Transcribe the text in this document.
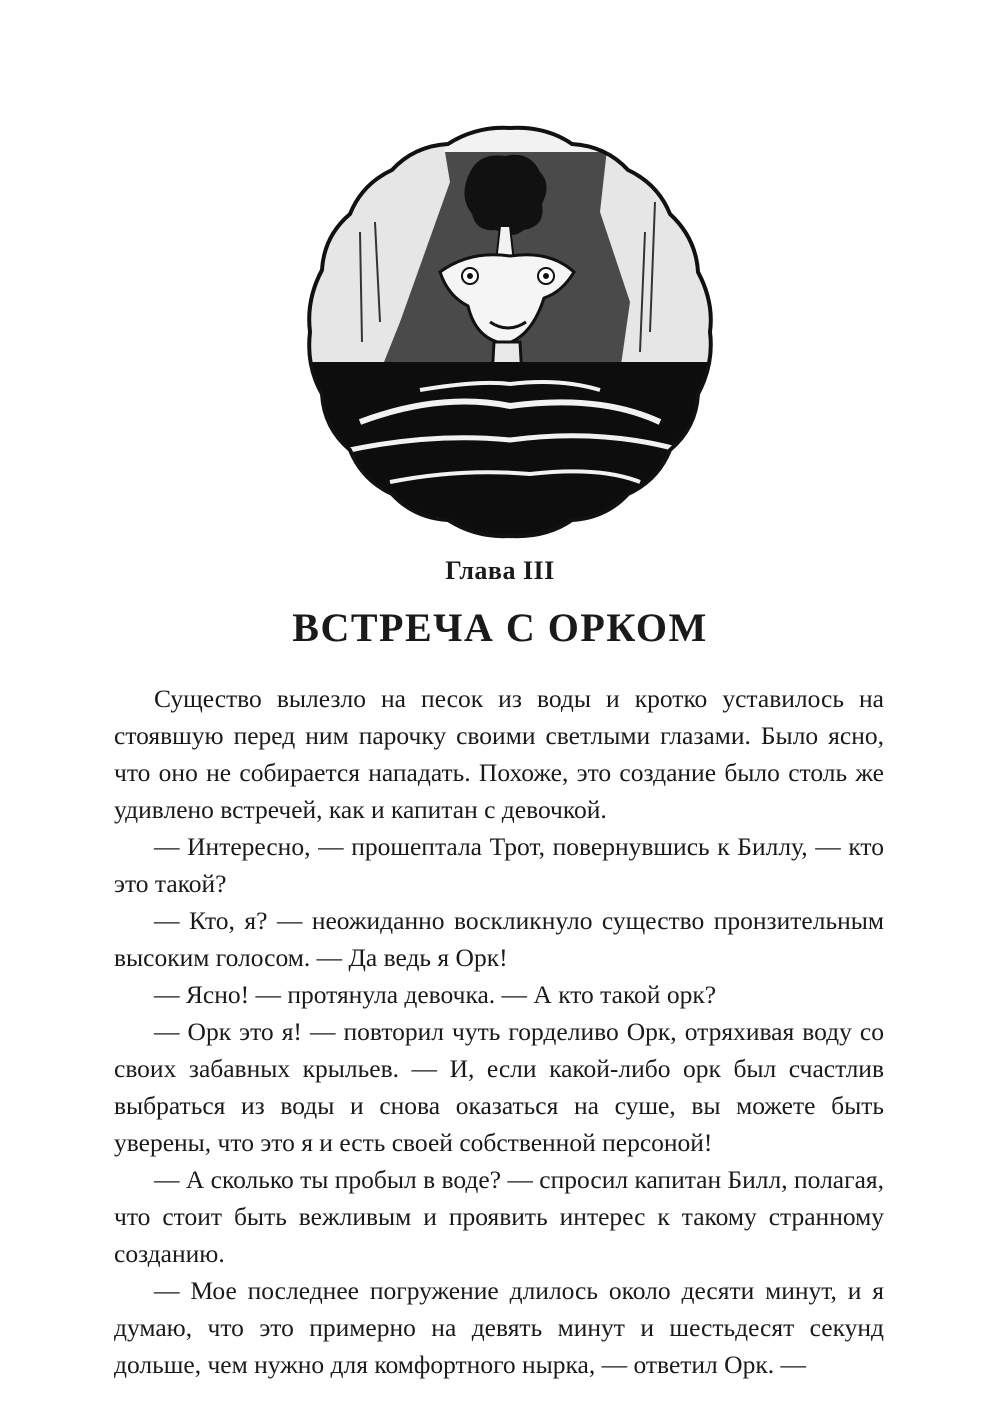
Глава III
ВСТРЕЧА С ОРКОМ

Существо вылезло на песок из воды и кротко уставилось на стоявшую перед ним парочку своими светлыми глазами. Было ясно, что оно не собирается нападать. Похоже, это создание было столь же удивлено встречей, как и капитан с девочкой.

— Интересно, — прошептала Трот, повернувшись к Биллу, — кто это такой?

— Кто, я? — неожиданно воскликнуло существо пронзительным высоким голосом. — Да ведь я Орк!

— Ясно! — протянула девочка. — А кто такой орк?

— Орк это я! — повторил чуть горделиво Орк, отряхивая воду со своих забавных крыльев. — И, если какой-либо орк был счастлив выбраться из воды и снова оказаться на суше, вы можете быть уверены, что это я и есть своей собственной персоной!

— А сколько ты пробыл в воде? — спросил капитан Билл, полагая, что стоит быть вежливым и проявить интерес к такому странному созданию.

— Мое последнее погружение длилось около десяти минут, и я думаю, что это примерно на девять минут и шестьдесят секунд дольше, чем нужно для комфортного нырка, — ответил Орк. —
